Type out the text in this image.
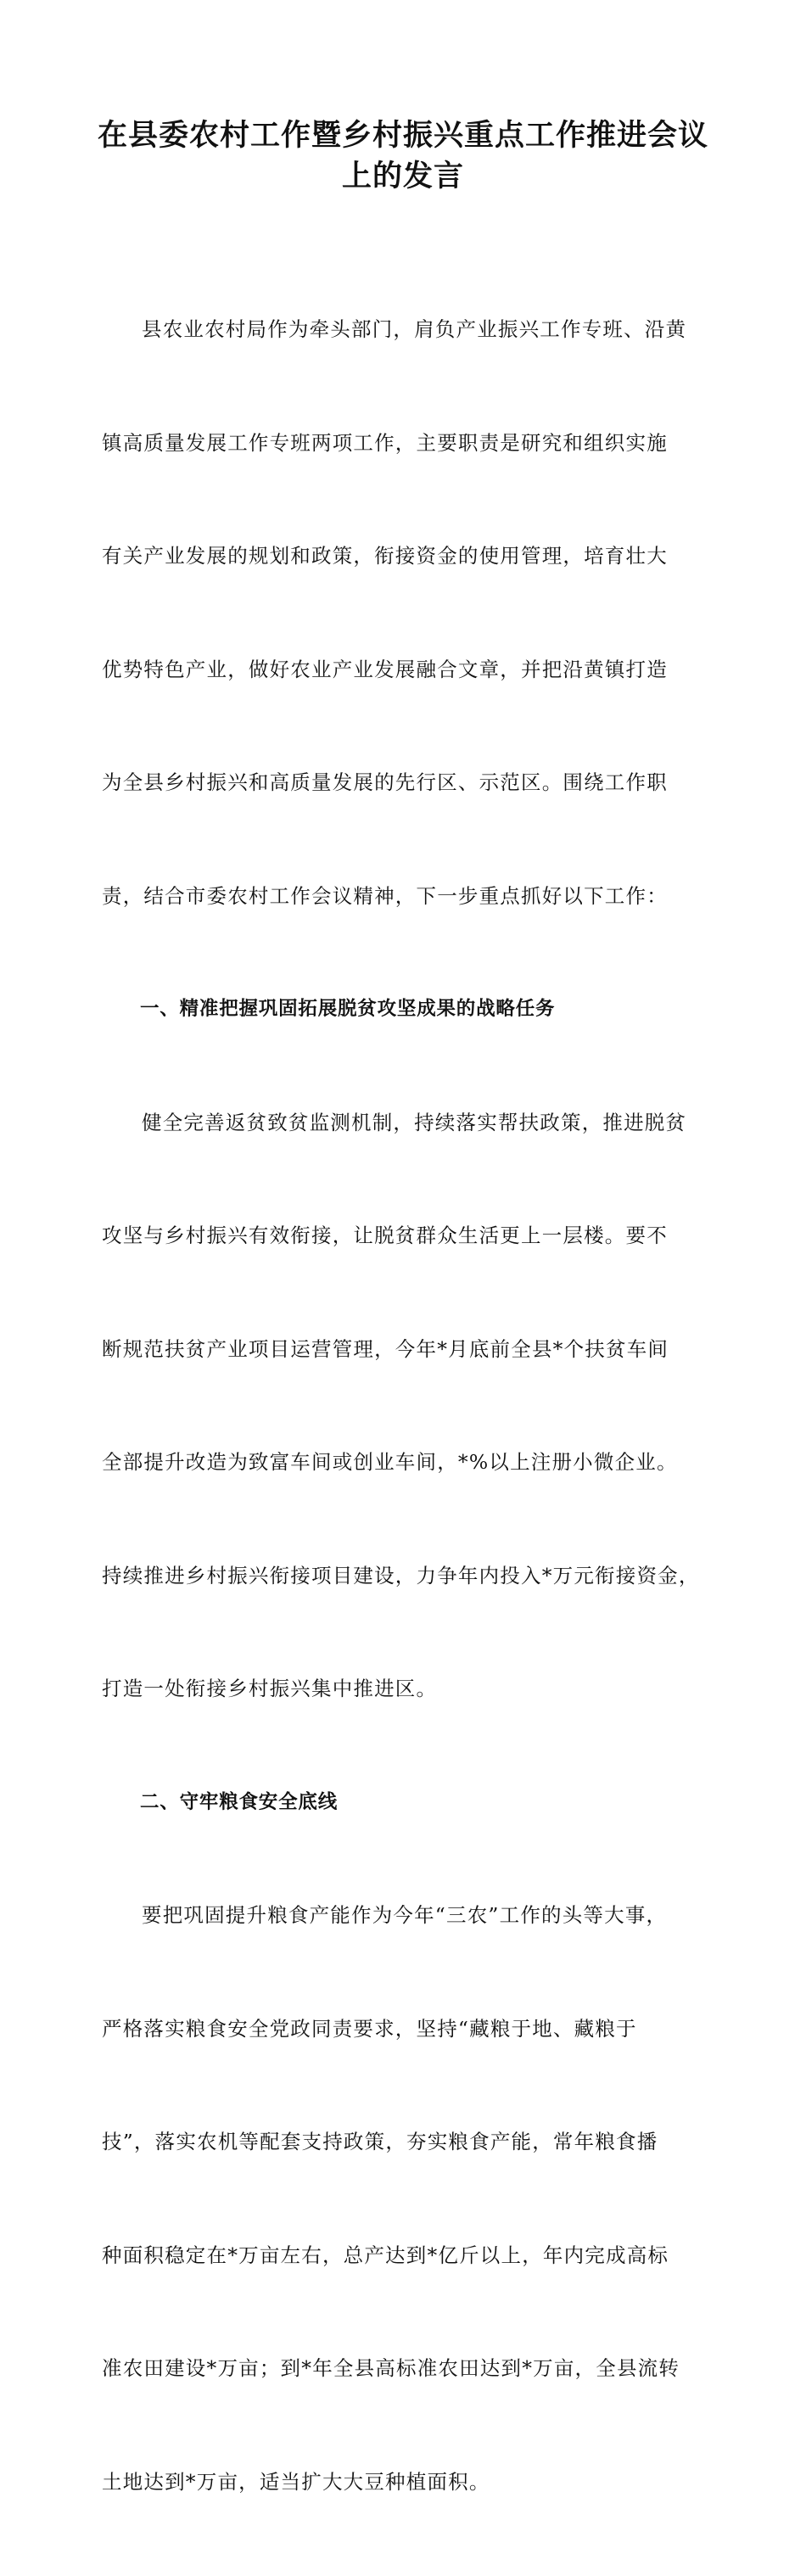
在县委农村工作暨乡村振兴重点工作推进会议
上的发言

县农业农村局作为牵头部门，肩负产业振兴工作专班、沿黄

镇高质量发展工作专班两项工作，主要职责是研究和组织实施

有关产业发展的规划和政策，衔接资金的使用管理，培育壮大

优势特色产业，做好农业产业发展融合文章，并把沿黄镇打造

为全县乡村振兴和高质量发展的先行区、示范区。围绕工作职

责，结合市委农村工作会议精神，下一步重点抓好以下工作：

一、精准把握巩固拓展脱贫攻坚成果的战略任务

健全完善返贫致贫监测机制，持续落实帮扶政策，推进脱贫

攻坚与乡村振兴有效衔接，让脱贫群众生活更上一层楼。要不

断规范扶贫产业项目运营管理，今年*月底前全县*个扶贫车间

全部提升改造为致富车间或创业车间，*%以上注册小微企业。

持续推进乡村振兴衔接项目建设，力争年内投入*万元衔接资金，

打造一处衔接乡村振兴集中推进区。

二、守牢粮食安全底线

要把巩固提升粮食产能作为今年“三农”工作的头等大事，

严格落实粮食安全党政同责要求，坚持“藏粮于地、藏粮于

技”，落实农机等配套支持政策，夯实粮食产能，常年粮食播

种面积稳定在*万亩左右，总产达到*亿斤以上，年内完成高标

准农田建设*万亩；到*年全县高标准农田达到*万亩，全县流转

土地达到*万亩，适当扩大大豆种植面积。
